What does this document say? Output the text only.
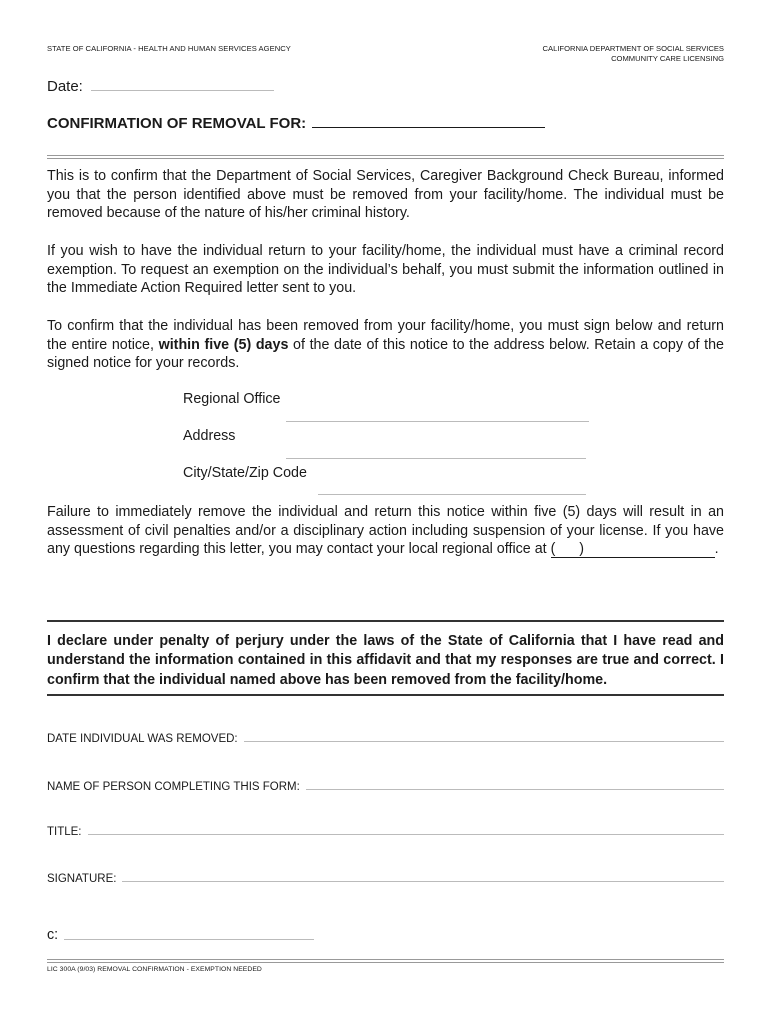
STATE OF CALIFORNIA - HEALTH AND HUMAN SERVICES AGENCY	CALIFORNIA DEPARTMENT OF SOCIAL SERVICES
COMMUNITY CARE LICENSING
Date:
CONFIRMATION OF REMOVAL FOR:

This is to confirm that the Department of Social Services, Caregiver Background Check Bureau, informed you that the person identified above must be removed from your facility/home. The individual must be removed because of the nature of his/her criminal history.

If you wish to have the individual return to your facility/home, the individual must have a criminal record exemption. To request an exemption on the individual’s behalf, you must submit the information outlined in the Immediate Action Required letter sent to you.

To confirm that the individual has been removed from your facility/home, you must sign below and return the entire notice, within five (5) days of the date of this notice to the address below. Retain a copy of the signed notice for your records.

Regional Office
Address
City/State/Zip Code

Failure to immediately remove the individual and return this notice within five (5) days will result in an assessment of civil penalties and/or a disciplinary action including suspension of your license. If you have any questions regarding this letter, you may contact your local regional office at (      )                        .

I declare under penalty of perjury under the laws of the State of California that I have read and understand the information contained in this affidavit and that my responses are true and correct. I confirm that the individual named above has been removed from the facility/home.

DATE INDIVIDUAL WAS REMOVED:
NAME OF PERSON COMPLETING THIS FORM:
TITLE:
SIGNATURE:
c:
LIC 300A (9/03) REMOVAL CONFIRMATION - EXEMPTION NEEDED
